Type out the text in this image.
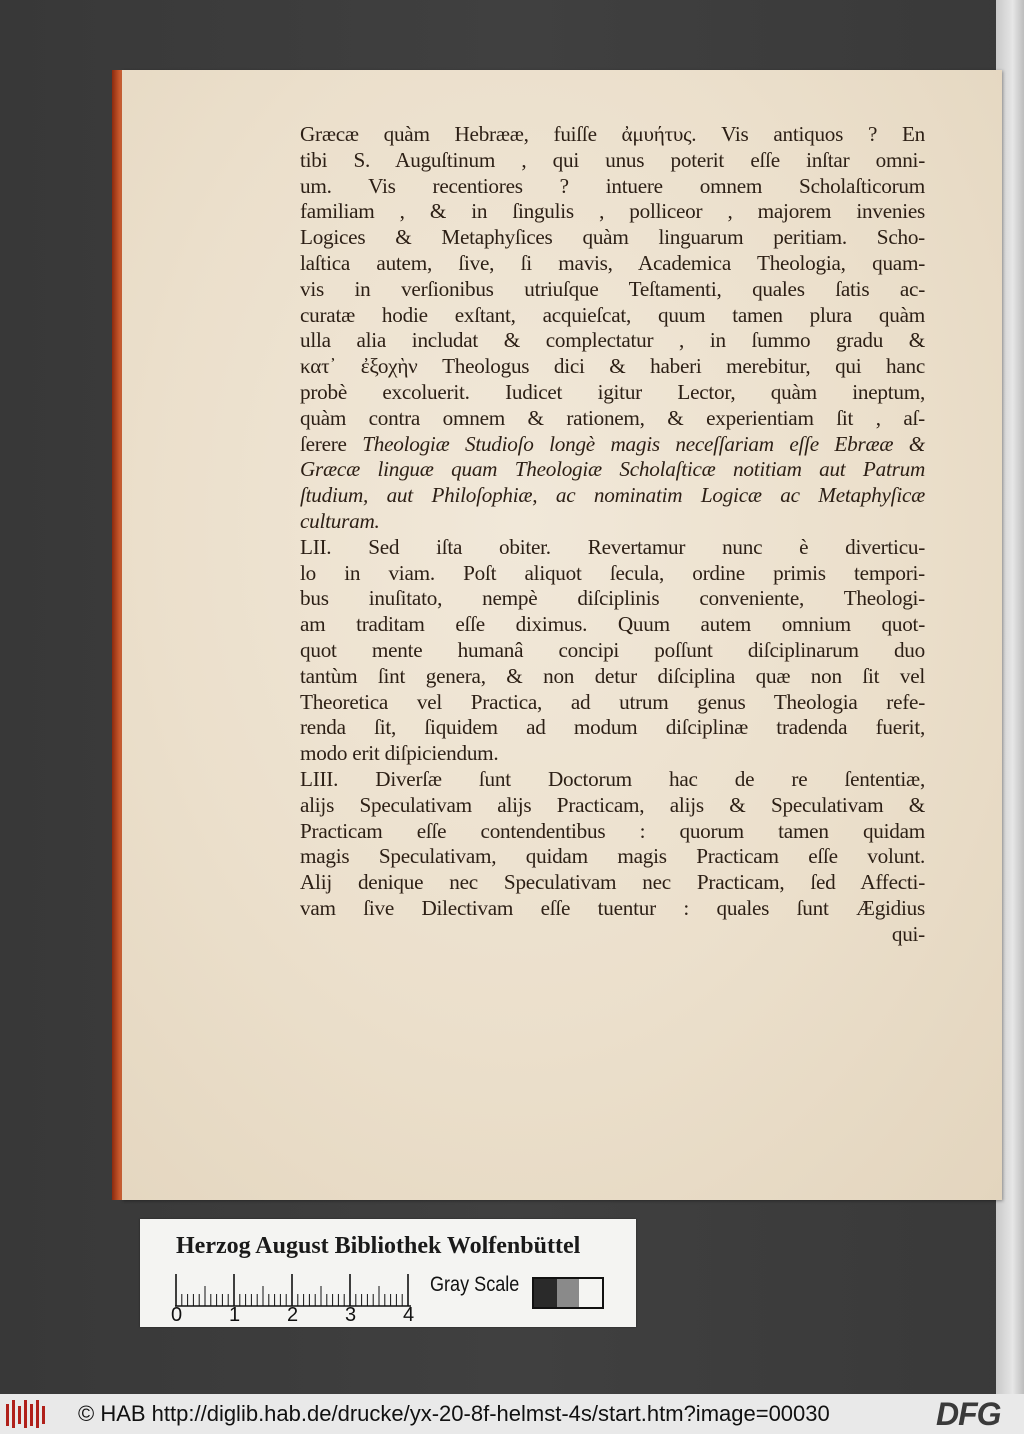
Græcæ quàm Hebrææ, fuiſſe ἀμυήτυς. Vis antiquos ? En
tibi S. Auguſtinum , qui unus poterit eſſe inſtar omni-
um. Vis recentiores ? intuere omnem Scholaſticorum
familiam , & in ſingulis , polliceor , majorem invenies
Logices & Metaphyſices quàm linguarum peritiam. Scho-
laſtica autem, ſive, ſi mavis, Academica Theologia, quam-
vis in verſionibus utriuſque Teſtamenti, quales ſatis ac-
curatæ hodie exſtant, acquieſcat, quum tamen plura quàm
ulla alia includat & complectatur , in ſummo gradu &
κατ᾽ ἐξοχὴν Theologus dici & haberi merebitur, qui hanc
probè excoluerit. Iudicet igitur Lector, quàm ineptum,
quàm contra omnem & rationem, & experientiam ſit , aſ-
ſerere Theologiæ Studioſo longè magis neceſſariam eſſe Ebrææ &
Græcæ linguæ quam Theologiæ Scholaſticæ notitiam aut Patrum
ſtudium, aut Philoſophiæ, ac nominatim Logicæ ac Metaphyſicæ
culturam.
LII. Sed iſta obiter. Revertamur nunc è diverticu-
lo in viam. Poſt aliquot ſecula, ordine primis tempori-
bus inuſitato, nempè diſciplinis conveniente, Theologi-
am traditam eſſe diximus. Quum autem omnium quot-
quot mente humanâ concipi poſſunt diſciplinarum duo
tantùm ſint genera, & non detur diſciplina quæ non ſit vel
Theoretica vel Practica, ad utrum genus Theologia refe-
renda ſit, ſiquidem ad modum diſciplinæ tradenda fuerit,
modo erit diſpiciendum.
LIII. Diverſæ ſunt Doctorum hac de re ſententiæ,
alijs Speculativam alijs Practicam, alijs & Speculativam &
Practicam eſſe contendentibus : quorum tamen quidam
magis Speculativam, quidam magis Practicam eſſe volunt.
Alij denique nec Speculativam nec Practicam, ſed Affecti-
vam ſive Dilectivam eſſe tuentur : quales ſunt Ægidius
qui-
Herzog August Bibliothek Wolfenbüttel
0 1 2 3 4
Gray Scale
© HAB http://diglib.hab.de/drucke/yx-20-8f-helmst-4s/start.htm?image=00030	DFG
